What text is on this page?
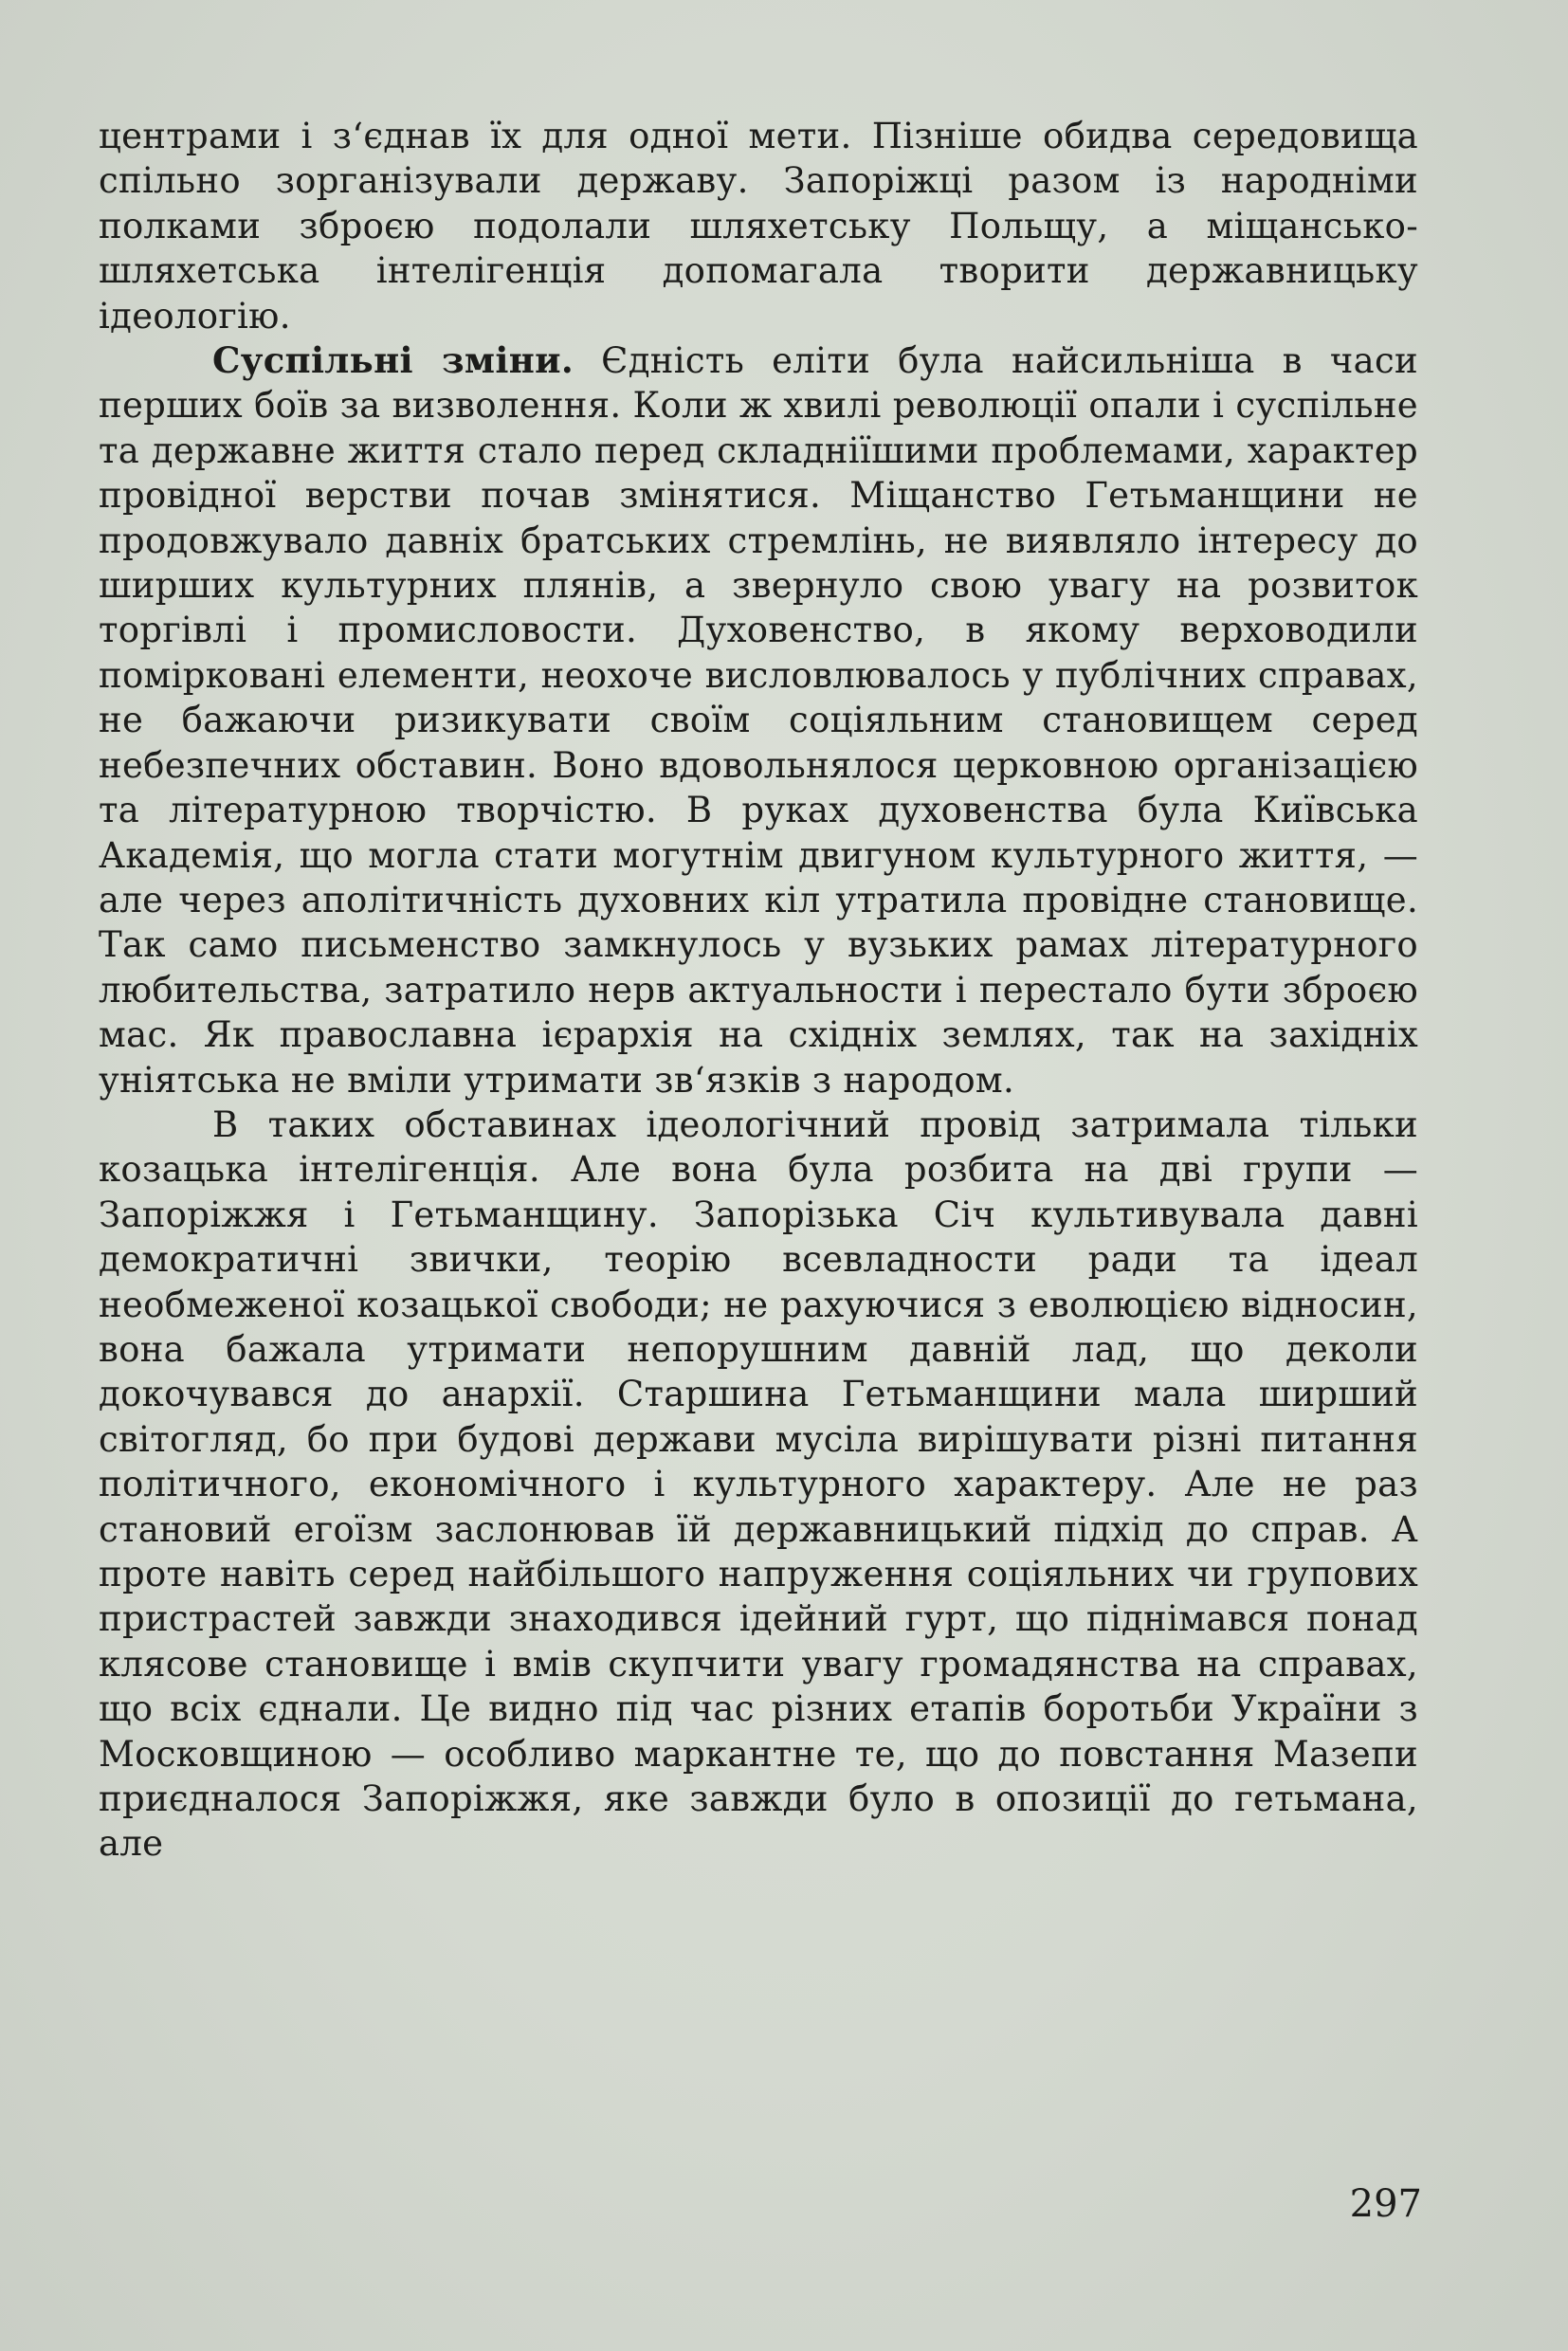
центрами і з‘єднав їх для одної мети. Пізніше обидва середовища спільно зорганізували державу. Запоріжці разом із народніми полками зброєю подолали шляхетську Польщу, а міщансько-шляхетська інтелігенція допомагала творити державницьку ідеологію.

Суспільні зміни. Єдність еліти була найсильніша в часи перших боїв за визволення. Коли ж хвилі революції опали і суспільне та державне життя стало перед складніїшими проблемами, характер провідної верстви почав змінятися. Міщанство Гетьманщини не продовжувало давніх братських стремлінь, не виявляло інтересу до ширших культурних плянів, а звернуло свою увагу на розвиток торгівлі і промисловости. Духовенство, в якому верховодили поміркованi елементи, неохоче висловлювалось у публічних справах, не бажаючи ризикувати своїм соціяльним становищем серед небезпечних обставин. Воно вдовольнялося церковною організацією та літературною творчістю. В руках духовенства була Київська Академія, що могла стати могутнім двигуном культурного життя, — але через аполітичність духовних кіл утратила провідне становище. Так само письменство замкнулось у вузьких рамах літературного любительства, затратило нерв актуальности і перестало бути зброєю мас. Як православна ієрархія на східніх землях, так на західніх уніятська не вміли утримати зв‘язків з народом.

В таких обставинах ідеологічний провід затримала тільки козацька інтелігенція. Але вона була розбита на дві групи — Запоріжжя і Гетьманщину. Запорізька Січ культивувала давні демократичні звички, теорію всевладности ради та ідеал необмеженої козацької свободи; не рахуючися з еволюцією відносин, вона бажала утримати непорушним давній лад, що деколи докочувався до анархії. Старшина Гетьманщини мала ширший світогляд, бо при будові держави мусіла вирішувати різні питання політичного, економічного і культурного характеру. Але не раз становий егоїзм заслонював їй державницький підхід до справ. А проте навіть серед найбільшого напруження соціяльних чи групових пристрастей завжди знаходився ідейний гурт, що піднімався понад клясове становище і вмів скупчити увагу громадянства на справах, що всіх єднали. Це видно під час різних етапів боротьби України з Московщиною — особливо маркантне те, що до повстання Мазепи приєдналося Запоріжжя, яке завжди було в опозиції до гетьмана, але

297
